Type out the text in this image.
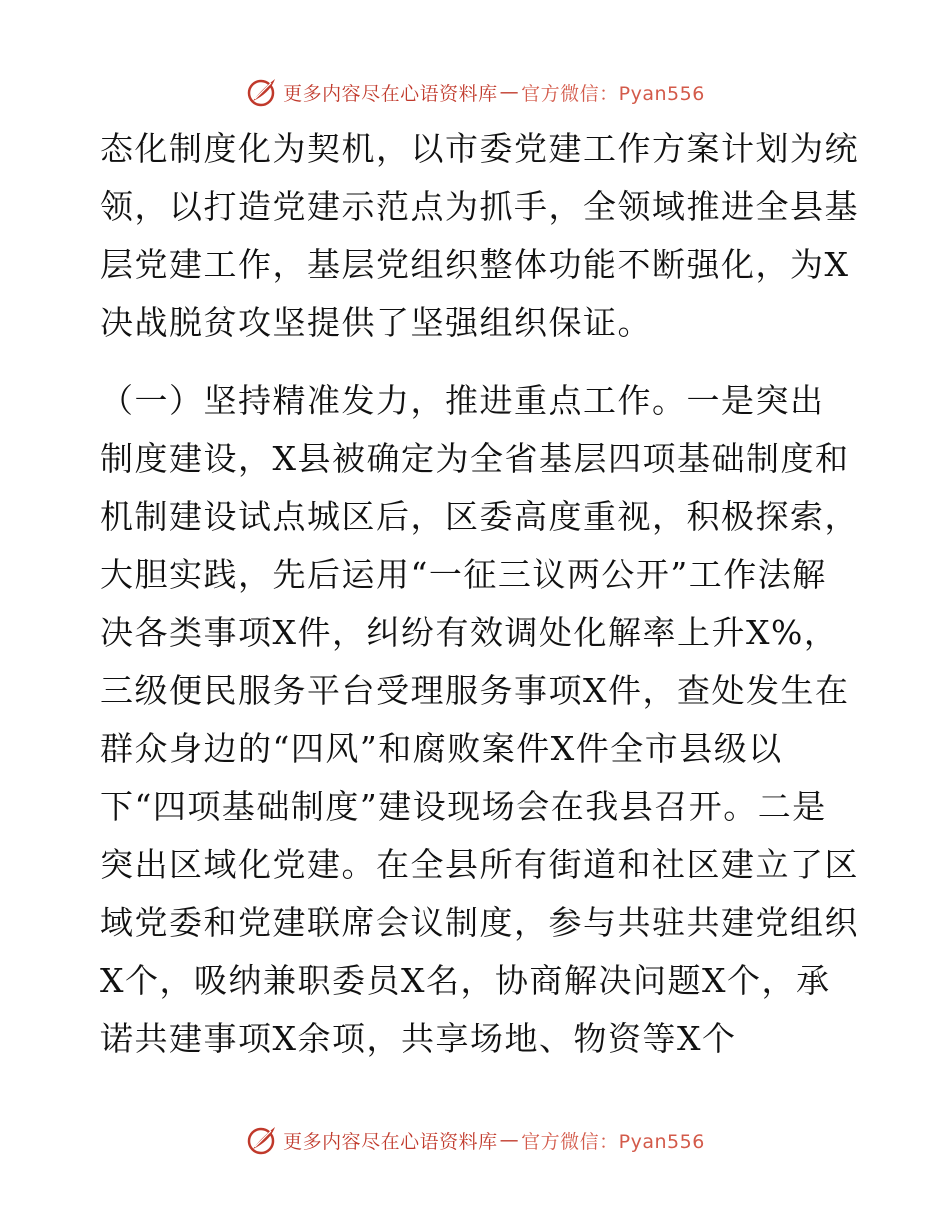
更多内容尽在心语资料库 — 官方微信：Pyan556
态化制度化为契机，以市委党建工作方案计划为统
领，以打造党建示范点为抓手，全领域推进全县基
层党建工作，基层党组织整体功能不断强化，为X
决战脱贫攻坚提供了坚强组织保证。
（一）坚持精准发力，推进重点工作。一是突出
制度建设，X县被确定为全省基层四项基础制度和
机制建设试点城区后，区委高度重视，积极探索，
大胆实践，先后运用“一征三议两公开”工作法解
决各类事项X件，纠纷有效调处化解率上升X%，
三级便民服务平台受理服务事项X件，查处发生在
群众身边的“四风”和腐败案件X件全市县级以
下“四项基础制度”建设现场会在我县召开。二是
突出区域化党建。在全县所有街道和社区建立了区
域党委和党建联席会议制度，参与共驻共建党组织
X个，吸纳兼职委员X名，协商解决问题X个，承
诺共建事项X余项，共享场地、物资等X个
更多内容尽在心语资料库 — 官方微信：Pyan556
